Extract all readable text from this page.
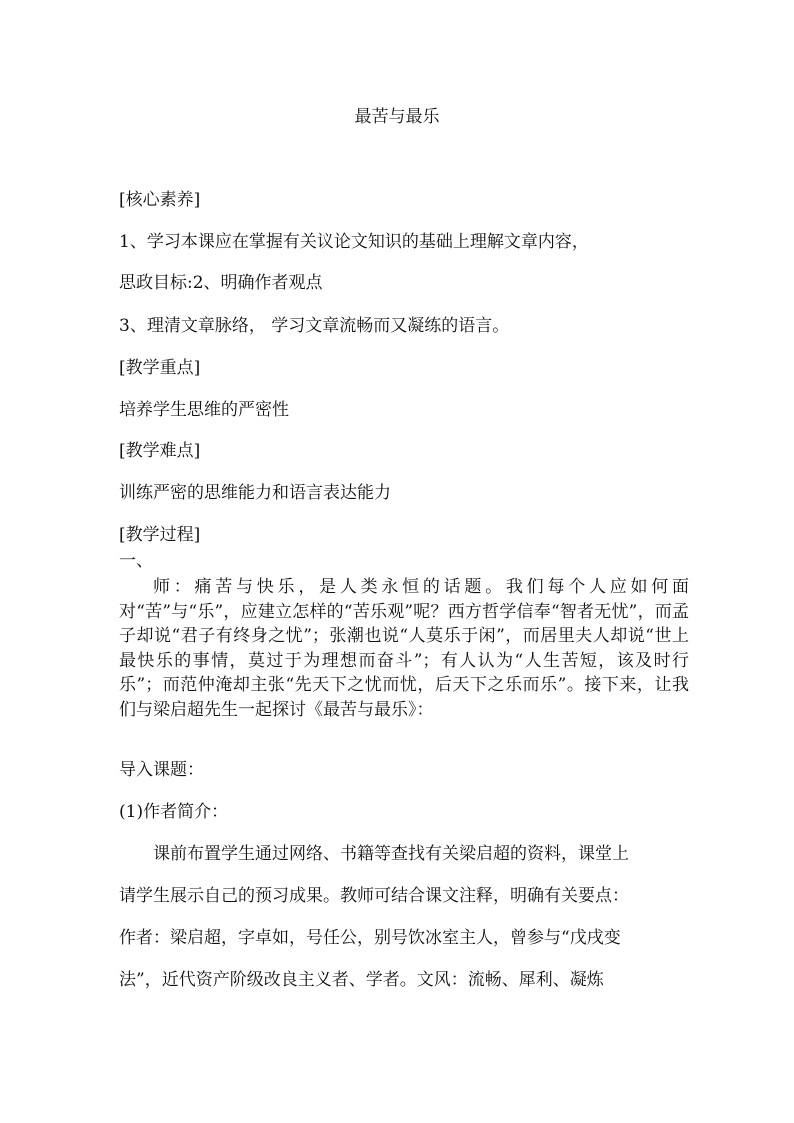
最苦与最乐

[核心素养]

1、学习本课应在掌握有关议论文知识的基础上理解文章内容，

思政目标:2、明确作者观点

3、理清文章脉络， 学习文章流畅而又凝练的语言。

[教学重点]

培养学生思维的严密性

[教学难点]

训练严密的思维能力和语言表达能力

[教学过程]

一、

师：痛苦与快乐，是人类永恒的话题。我们每个人应如何面对“苦”与“乐”，应建立怎样的“苦乐观”呢？西方哲学信奉“智者无忧”，而孟子却说“君子有终身之忧”；张潮也说“人莫乐于闲”，而居里夫人却说“世上最快乐的事情，莫过于为理想而奋斗”；有人认为“人生苦短，该及时行乐”；而范仲淹却主张“先天下之忧而忧，后天下之乐而乐”。接下来，让我们与梁启超先生一起探讨《最苦与最乐》：

导入课题：

(1)作者简介：

课前布置学生通过网络、书籍等查找有关梁启超的资料，课堂上

请学生展示自己的预习成果。教师可结合课文注释，明确有关要点：

作者：梁启超，字卓如，号任公，别号饮冰室主人，曾参与“戊戌变

法”，近代资产阶级改良主义者、学者。文风：流畅、犀利、凝炼
